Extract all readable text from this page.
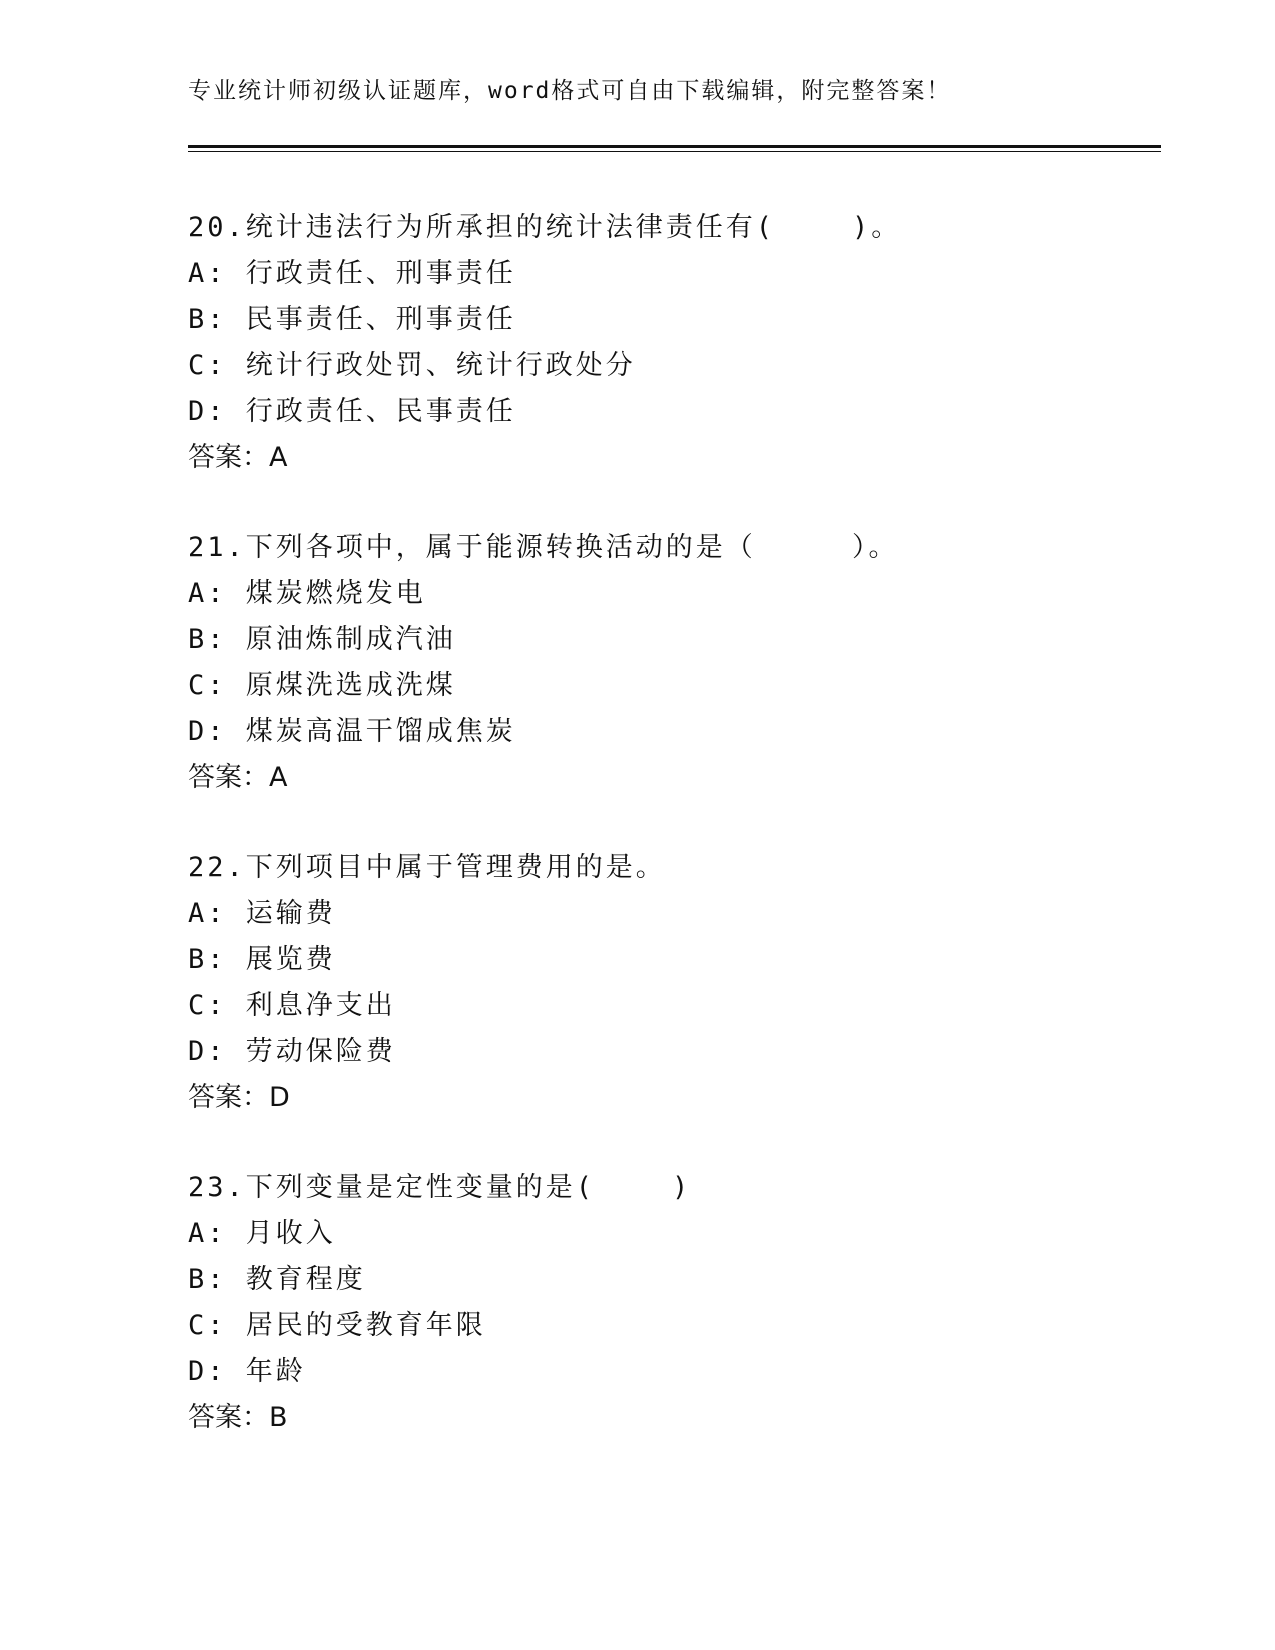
专业统计师初级认证题库，word格式可自由下载编辑，附完整答案！
20.统计违法行为所承担的统计法律责任有(    )。
A: 行政责任、刑事责任
B: 民事责任、刑事责任
C: 统计行政处罚、统计行政处分
D: 行政责任、民事责任
答案：A
21.下列各项中，属于能源转换活动的是（     ）。
A: 煤炭燃烧发电
B: 原油炼制成汽油
C: 原煤洗选成洗煤
D: 煤炭高温干馏成焦炭
答案：A
22.下列项目中属于管理费用的是。
A: 运输费
B: 展览费
C: 利息净支出
D: 劳动保险费
答案：D
23.下列变量是定性变量的是(    )
A: 月收入
B: 教育程度
C: 居民的受教育年限
D: 年龄
答案：B
